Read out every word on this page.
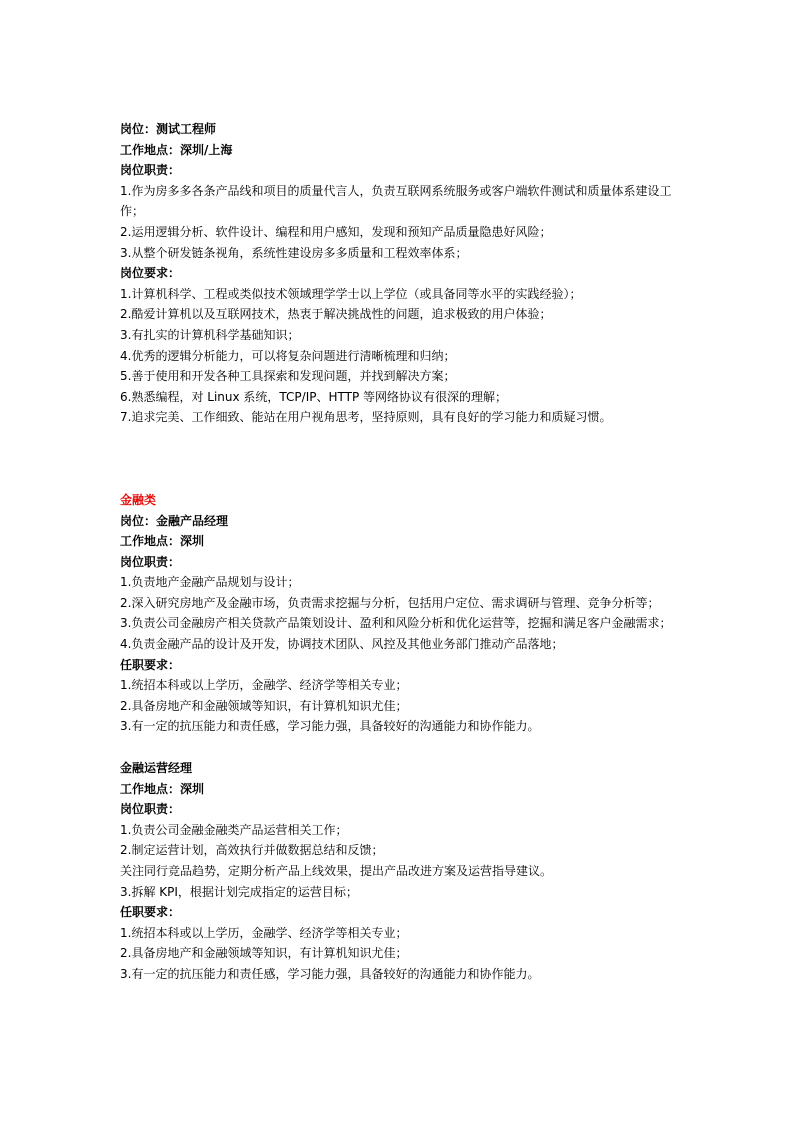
岗位：测试工程师
工作地点：深圳/上海
岗位职责：
1.作为房多多各条产品线和项目的质量代言人，负责互联网系统服务或客户端软件测试和质量体系建设工作；
2.运用逻辑分析、软件设计、编程和用户感知，发现和预知产品质量隐患好风险；
3.从整个研发链条视角，系统性建设房多多质量和工程效率体系；
岗位要求：
1.计算机科学、工程或类似技术领域理学学士以上学位（或具备同等水平的实践经验）；
2.酷爱计算机以及互联网技术，热衷于解决挑战性的问题，追求极致的用户体验；
3.有扎实的计算机科学基础知识；
4.优秀的逻辑分析能力，可以将复杂问题进行清晰梳理和归纳；
5.善于使用和开发各种工具探索和发现问题，并找到解决方案；
6.熟悉编程，对 Linux 系统，TCP/IP、HTTP 等网络协议有很深的理解；
7.追求完美、工作细致、能站在用户视角思考，坚持原则，具有良好的学习能力和质疑习惯。
金融类
岗位：金融产品经理
工作地点：深圳
岗位职责：
1.负责地产金融产品规划与设计；
2.深入研究房地产及金融市场，负责需求挖掘与分析，包括用户定位、需求调研与管理、竞争分析等；
3.负责公司金融房产相关贷款产品策划设计、盈利和风险分析和优化运营等，挖掘和满足客户金融需求；
4.负责金融产品的设计及开发，协调技术团队、风控及其他业务部门推动产品落地；
任职要求：
1.统招本科或以上学历，金融学、经济学等相关专业；
2.具备房地产和金融领域等知识，有计算机知识尤佳；
3.有一定的抗压能力和责任感，学习能力强，具备较好的沟通能力和协作能力。
金融运营经理
工作地点：深圳
岗位职责：
1.负责公司金融金融类产品运营相关工作；
2.制定运营计划，高效执行并做数据总结和反馈；
关注同行竞品趋势，定期分析产品上线效果，提出产品改进方案及运营指导建议。
3.拆解 KPI，根据计划完成指定的运营目标；
任职要求：
1.统招本科或以上学历，金融学、经济学等相关专业；
2.具备房地产和金融领域等知识，有计算机知识尤佳；
3.有一定的抗压能力和责任感，学习能力强，具备较好的沟通能力和协作能力。
